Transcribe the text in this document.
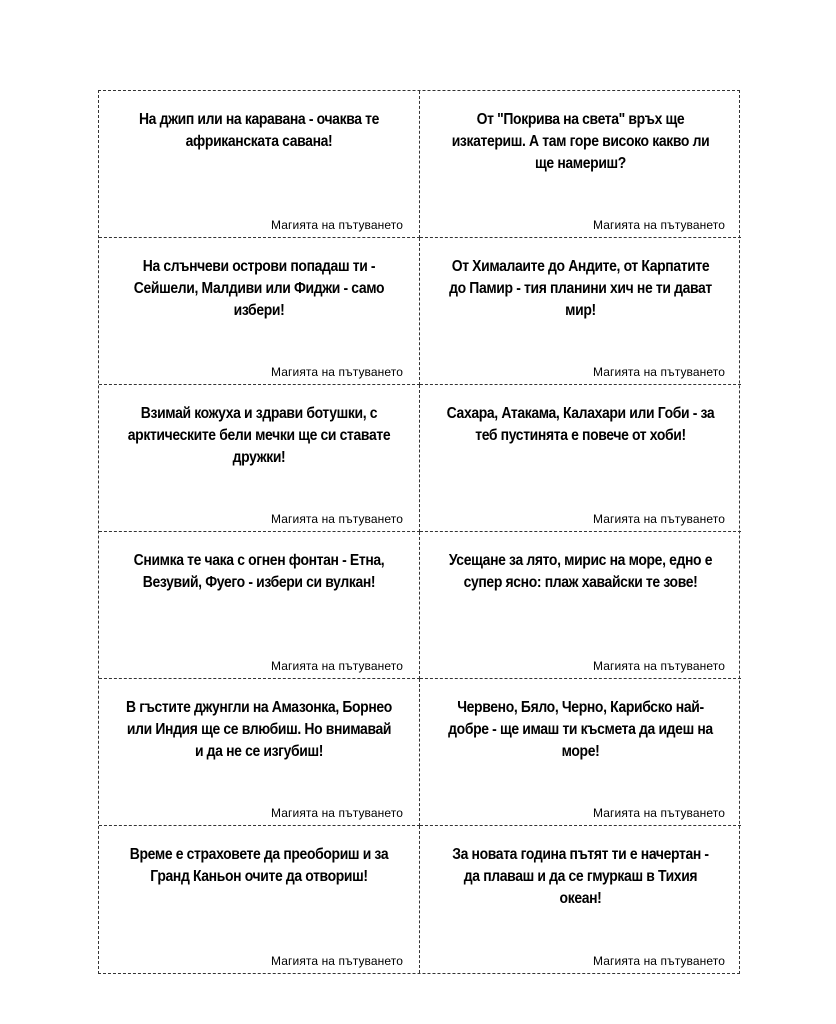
На джип или на каравана - очаква те африканската савана!
Магията на пътуването
От "Покрива на света" връх ще изкатериш. А там горе високо какво ли ще намериш?
Магията на пътуването
На слънчеви острови попадаш ти - Сейшели, Малдиви или Фиджи - само избери!
Магията на пътуването
От Хималаите до Андите, от Карпатите до Памир - тия планини хич не ти дават мир!
Магията на пътуването
Взимай кожуха и здрави ботушки, с арктическите бели мечки ще си ставате дружки!
Магията на пътуването
Сахара, Атакама, Калахари или Гоби - за теб пустинята е повече от хоби!
Магията на пътуването
Снимка те чака с огнен фонтан - Етна, Везувий, Фуего - избери си вулкан!
Магията на пътуването
Усещане за лято, мирис на море, едно е супер ясно: плаж хавайски те зове!
Магията на пътуването
В гъстите джунгли на Амазонка, Борнео или Индия ще се влюбиш. Но внимавай и да не се изгубиш!
Магията на пътуването
Червено, Бяло, Черно, Карибско най-добре - ще имаш ти късмета да идеш на море!
Магията на пътуването
Време е страховете да преобориш и за Гранд Каньон очите да отвориш!
Магията на пътуването
За новата година пътят ти е начертан - да плаваш и да се гмуркаш в Тихия океан!
Магията на пътуването
